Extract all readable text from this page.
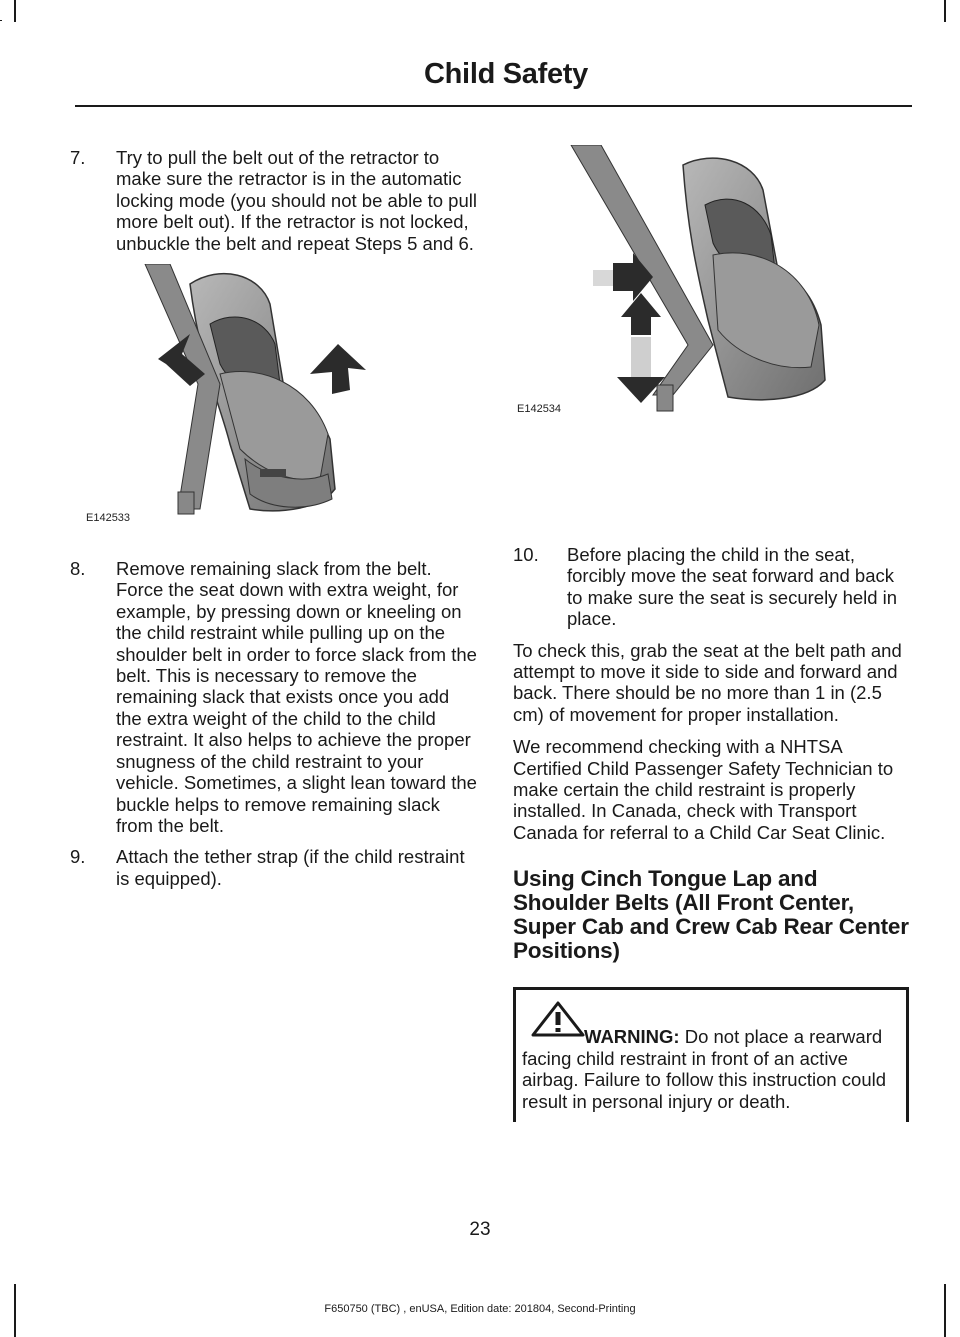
Child Safety
7.	Try to pull the belt out of the retractor to make sure the retractor is in the automatic locking mode (you should not be able to pull more belt out). If the retractor is not locked, unbuckle the belt and repeat Steps 5 and 6.
E142533
8.	Remove remaining slack from the belt. Force the seat down with extra weight, for example, by pressing down or kneeling on the child restraint while pulling up on the shoulder belt in order to force slack from the belt. This is necessary to remove the remaining slack that exists once you add the extra weight of the child to the child restraint. It also helps to achieve the proper snugness of the child restraint to your vehicle. Sometimes, a slight lean toward the buckle helps to remove remaining slack from the belt.
9.	Attach the tether strap (if the child restraint is equipped).
E142534
10.	Before placing the child in the seat, forcibly move the seat forward and back to make sure the seat is securely held in place.

To check this, grab the seat at the belt path and attempt to move it side to side and forward and back. There should be no more than 1 in (2.5 cm) of movement for proper installation.

We recommend checking with a NHTSA Certified Child Passenger Safety Technician to make certain the child restraint is properly installed. In Canada, check with Transport Canada for referral to a Child Car Seat Clinic.

Using Cinch Tongue Lap and Shoulder Belts (All Front Center, Super Cab and Crew Cab Rear Center Positions)
WARNING: Do not place a rearward facing child restraint in front of an active airbag. Failure to follow this instruction could result in personal injury or death.
23
F650750 (TBC) , enUSA, Edition date: 201804, Second-Printing
